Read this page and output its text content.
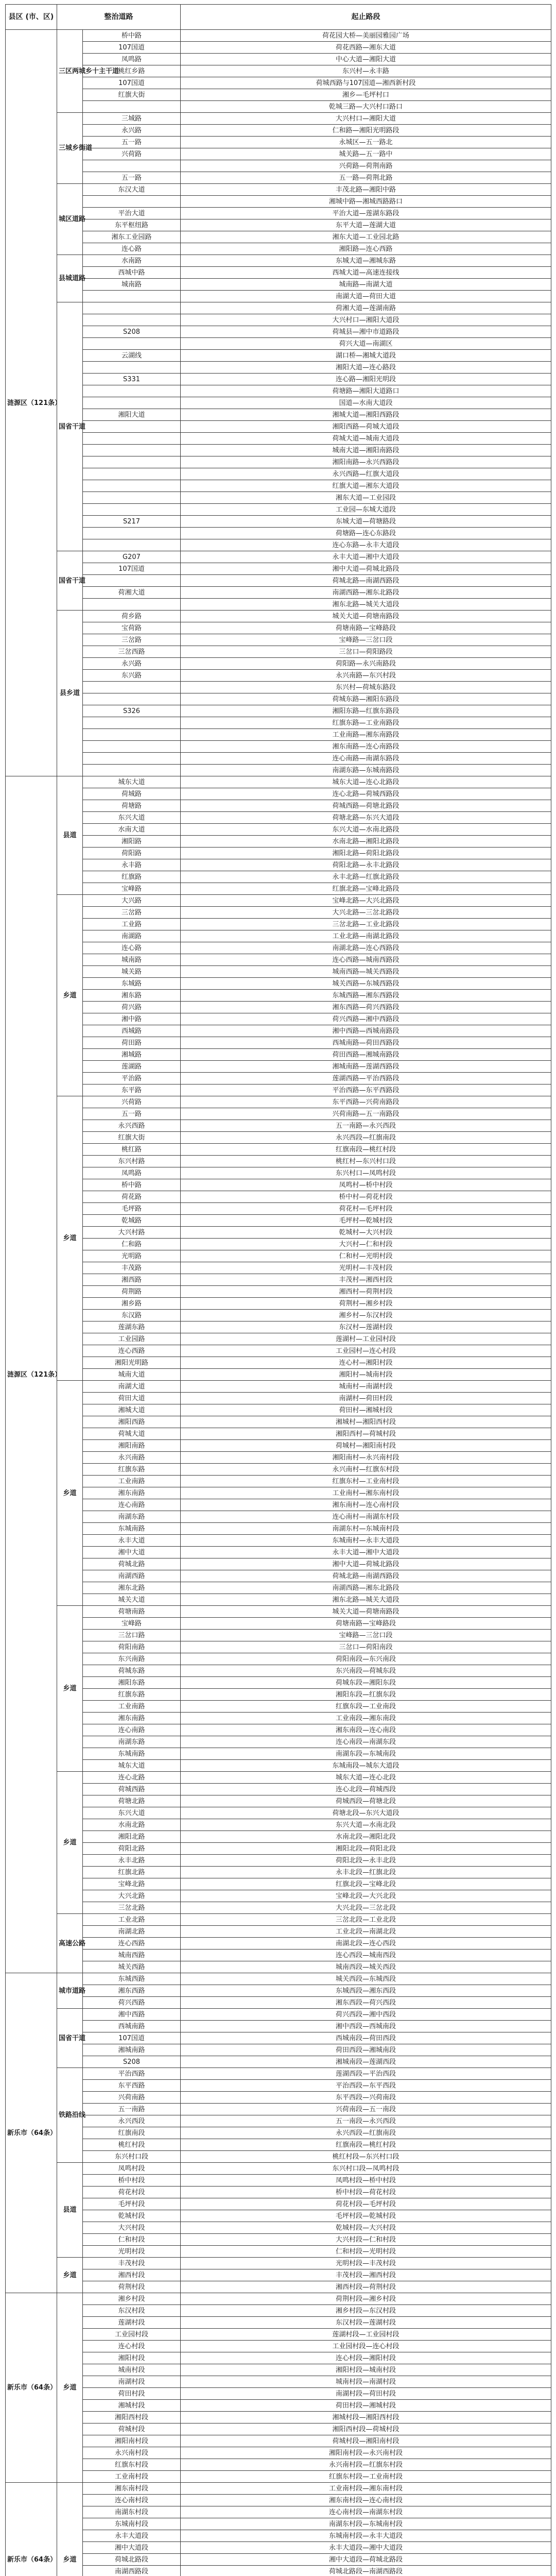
县区 (市、区)	整治道路		起止路段
涟源区（121条）	三区两城乡十主干道	桥中路	荷花园大桥—美丽园雅园广场
		107国道	荷花西路—湘东大道
		凤鸣路	中心大道—湘阳大道
		桃红乡路	东兴村—永丰路
		107国道	荷城西路与107国道—湘西新村段
		红旗大街	湘乡—毛坪村口
			乾城三路—大兴村口路口
	三城乡街道	三城路	大兴村口—湘阳大道
		永兴路	仁和路—湘阳光明路段
		五一路	永城区—五一路北
		兴荷路	城关路—五一路中
			兴荷路—荷荆南路
		五一路	五一路—荷荆北路
	城区道路	东汉大道	丰茂北路—湘阳中路
			湘城中路—湘城西路路口
		平治大道	平治大道—莲湖东路段
		东平枢纽路	东平大道—莲湖大道
		湘东工业园路	湘东大道—工业园北路
		连心路	湘阳路—连心西路
	县城道路	水南路	东城大道—湘城东路
		西城中路	西城大道—高速连接线
		城南路	城南路—南湖大道
			南湖大道—荷田大道
	国省干道		荷湘大道—莲湖南路
			大兴村口—湘阳大道段
		S208	荷城县—湘中市道路段
			荷兴大道—南湖区
		云湖线	湖口桥—湘城大道段
			湘阳大道—连心路段
		S331	连心路—湘阳光明段
			荷塘路—湘阳大道路口
			国道—水南大道段
		湘阳大道	湘城大道—湘阳西路段
			湘阳西路—荷城大道段
			荷城大道—城南大道段
			城南大道—湘阳南路段
			湘阳南路—永兴西路段
			永兴西路—红旗大道段
			红旗大道—湘东大道段
			湘东大道—工业园段
			工业园—东城大道段
		S217	东城大道—荷塘路段
			荷塘路—连心东路段
			连心东路—永丰大道段
	国省干道	G207	永丰大道—湘中大道段
		107国道	湘中大道—荷城北路段
			荷城北路—南湖西路段
		荷湘大道	南湖西路—湘东北路段
			湘东北路—城关大道段
	县乡道	荷乡路	城关大道—荷塘南路段
		宝荷路	荷塘南路—宝峰路段
		三岔路	宝峰路—三岔口段
		三岔西路	三岔口—荷阳路段
		永兴路	荷阳路—永兴南路段
		东兴路	永兴南路—东兴村段
			东兴村—荷城东路段
			荷城东路—湘阳东路段
		S326	湘阳东路—红旗东路段
			红旗东路—工业南路段
			工业南路—湘东南路段
			湘东南路—连心南路段
			连心南路—南湖东路段
			南湖东路—东城南路段
涟源区（121条）	县道	城东大道	城东大道—连心北路段
		荷城路	连心北路—荷城西路段
		荷塘路	荷城西路—荷塘北路段
		东兴大道	荷塘北路—东兴大道段
		水南大道	东兴大道—水南北路段
		湘阳路	水南北路—湘阳北路段
		荷阳路	湘阳北路—荷阳北路段
		永丰路	荷阳北路—永丰北路段
		红旗路	永丰北路—红旗北路段
		宝峰路	红旗北路—宝峰北路段
	乡道	大兴路	宝峰北路—大兴北路段
		三岔路	大兴北路—三岔北路段
		工业路	三岔北路—工业北路段
		南湖路	工业北路—南湖北路段
		连心路	南湖北路—连心西路段
		城南路	连心西路—城南西路段
		城关路	城南西路—城关西路段
		东城路	城关西路—东城西路段
		湘东路	东城西路—湘东西路段
		荷兴路	湘东西路—荷兴西路段
		湘中路	荷兴西路—湘中西路段
		西城路	湘中西路—西城南路段
		荷田路	西城南路—荷田西路段
		湘城路	荷田西路—湘城南路段
		莲湖路	湘城南路—莲湖西路段
		平治路	莲湖西路—平治西路段
		东平路	平治西路—东平西路段
	乡道	兴荷路	东平西路—兴荷南路段
		五一路	兴荷南路—五一南路段
		永兴西路	五一南路—永兴西段
		红旗大街	永兴西段—红旗南段
		桃红路	红旗南段—桃红村段
		东兴村路	桃红村—东兴村口段
		凤鸣路	东兴村口—凤鸣村段
		桥中路	凤鸣村—桥中村段
		荷花路	桥中村—荷花村段
		毛坪路	荷花村—毛坪村段
		乾城路	毛坪村—乾城村段
		大兴村路	乾城村—大兴村段
		仁和路	大兴村—仁和村段
		光明路	仁和村—光明村段
		丰茂路	光明村—丰茂村段
		湘西路	丰茂村—湘西村段
		荷荆路	湘西村—荷荆村段
		湘乡路	荷荆村—湘乡村段
		东汉路	湘乡村—东汉村段
		莲湖东路	东汉村—莲湖村段
		工业园路	莲湖村—工业园村段
		连心西路	工业园村—连心村段
		湘阳光明路	连心村—湘阳村段
		城南大道	湘阳村—城南村段
	乡道	南湖大道	城南村—南湖村段
		荷田大道	南湖村—荷田村段
		湘城大道	荷田村—湘城村段
		湘阳西路	湘城村—湘阳西村段
		荷城大道	湘阳西村—荷城村段
		湘阳南路	荷城村—湘阳南村段
		永兴南路	湘阳南村—永兴南村段
		红旗东路	永兴南村—红旗东村段
		工业南路	红旗东村—工业南村段
		湘东南路	工业南村—湘东南村段
		连心南路	湘东南村—连心南村段
		南湖东路	连心南村—南湖东村段
		东城南路	南湖东村—东城南村段
		永丰大道	东城南村—永丰大道段
		湘中大道	永丰大道—湘中大道段
		荷城北路	湘中大道—荷城北路段
		南湖西路	荷城北路—南湖西路段
		湘东北路	南湖西路—湘东北路段
		城关大道	湘东北路—城关大道段
	乡道	荷塘南路	城关大道—荷塘南路段
		宝峰路	荷塘南路—宝峰路段
		三岔口路	宝峰路—三岔口段
		荷阳南路	三岔口—荷阳南段
		东兴南路	荷阳南段—东兴南段
		荷城东路	东兴南段—荷城东段
		湘阳东路	荷城东段—湘阳东段
		红旗东路	湘阳东段—红旗东段
		工业南路	红旗东段—工业南段
		湘东南路	工业南段—湘东南段
		连心南路	湘东南段—连心南段
		南湖东路	连心南段—南湖东段
		东城南路	南湖东段—东城南段
		城东大道	东城南段—城东大道段
	乡道	连心北路	城东大道—连心北段
		荷城西路	连心北段—荷城西段
		荷塘北路	荷城西段—荷塘北段
		东兴大道	荷塘北段—东兴大道段
		水南北路	东兴大道—水南北段
		湘阳北路	水南北段—湘阳北段
		荷阳北路	湘阳北段—荷阳北段
		永丰北路	荷阳北段—永丰北段
		红旗北路	永丰北段—红旗北段
		宝峰北路	红旗北段—宝峰北段
		大兴北路	宝峰北段—大兴北段
		三岔北路	大兴北段—三岔北段
	高速公路	工业北路	三岔北段—工业北段
		南湖北路	工业北段—南湖北段
		连心西路	南湖北段—连心西段
		城南西路	连心西段—城南西段
		城关西路	城南西段—城关西段
新乐市（64条）	城市道路	东城西路	城关西段—东城西段
		湘东西路	东城西段—湘东西段
		荷兴西路	湘东西段—荷兴西段
	国省干道	湘中西路	荷兴西段—湘中西段
		西城南路	湘中西段—西城南段
		107国道	西城南段—荷田西段
		湘城南路	荷田西段—湘城南段
		S208	湘城南段—莲湖西段
	铁路沿线	平治西路	莲湖西段—平治西段
		东平西路	平治西段—东平西段
		兴荷南路	东平西段—兴荷南段
		五一南路	兴荷南段—五一南段
		永兴西段	五一南段—永兴西段
		红旗南段	永兴西段—红旗南段
		桃红村段	红旗南段—桃红村段
		东兴村口段	桃红村段—东兴村口段
	县道	凤鸣村段	东兴村口段—凤鸣村段
		桥中村段	凤鸣村段—桥中村段
		荷花村段	桥中村段—荷花村段
		毛坪村段	荷花村段—毛坪村段
		乾城村段	毛坪村段—乾城村段
		大兴村段	乾城村段—大兴村段
		仁和村段	大兴村段—仁和村段
		光明村段	仁和村段—光明村段
	乡道	丰茂村段	光明村段—丰茂村段
		湘西村段	丰茂村段—湘西村段
		荷荆村段	湘西村段—荷荆村段
新乐市（64条）	乡道	湘乡村段	荷荆村段—湘乡村段
		东汉村段	湘乡村段—东汉村段
		莲湖村段	东汉村段—莲湖村段
		工业园村段	莲湖村段—工业园村段
		连心村段	工业园村段—连心村段
		湘阳村段	连心村段—湘阳村段
		城南村段	湘阳村段—城南村段
		南湖村段	城南村段—南湖村段
		荷田村段	南湖村段—荷田村段
		湘城村段	荷田村段—湘城村段
		湘阳西村段	湘城村段—湘阳西村段
		荷城村段	湘阳西村段—荷城村段
		湘阳南村段	荷城村段—湘阳南村段
		永兴南村段	湘阳南村段—永兴南村段
		红旗东村段	永兴南村段—红旗东村段
		工业南村段	红旗东村段—工业南村段
新乐市（64条）	乡道	湘东南村段	工业南村段—湘东南村段
		连心南村段	湘东南村段—连心南村段
		南湖东村段	连心南村段—南湖东村段
		东城南村段	南湖东村段—东城南村段
		永丰大道段	东城南村段—永丰大道段
		湘中大道段	永丰大道段—湘中大道段
		荷城北路段	湘中大道段—荷城北路段
		南湖西路段	荷城北路段—南湖西路段
